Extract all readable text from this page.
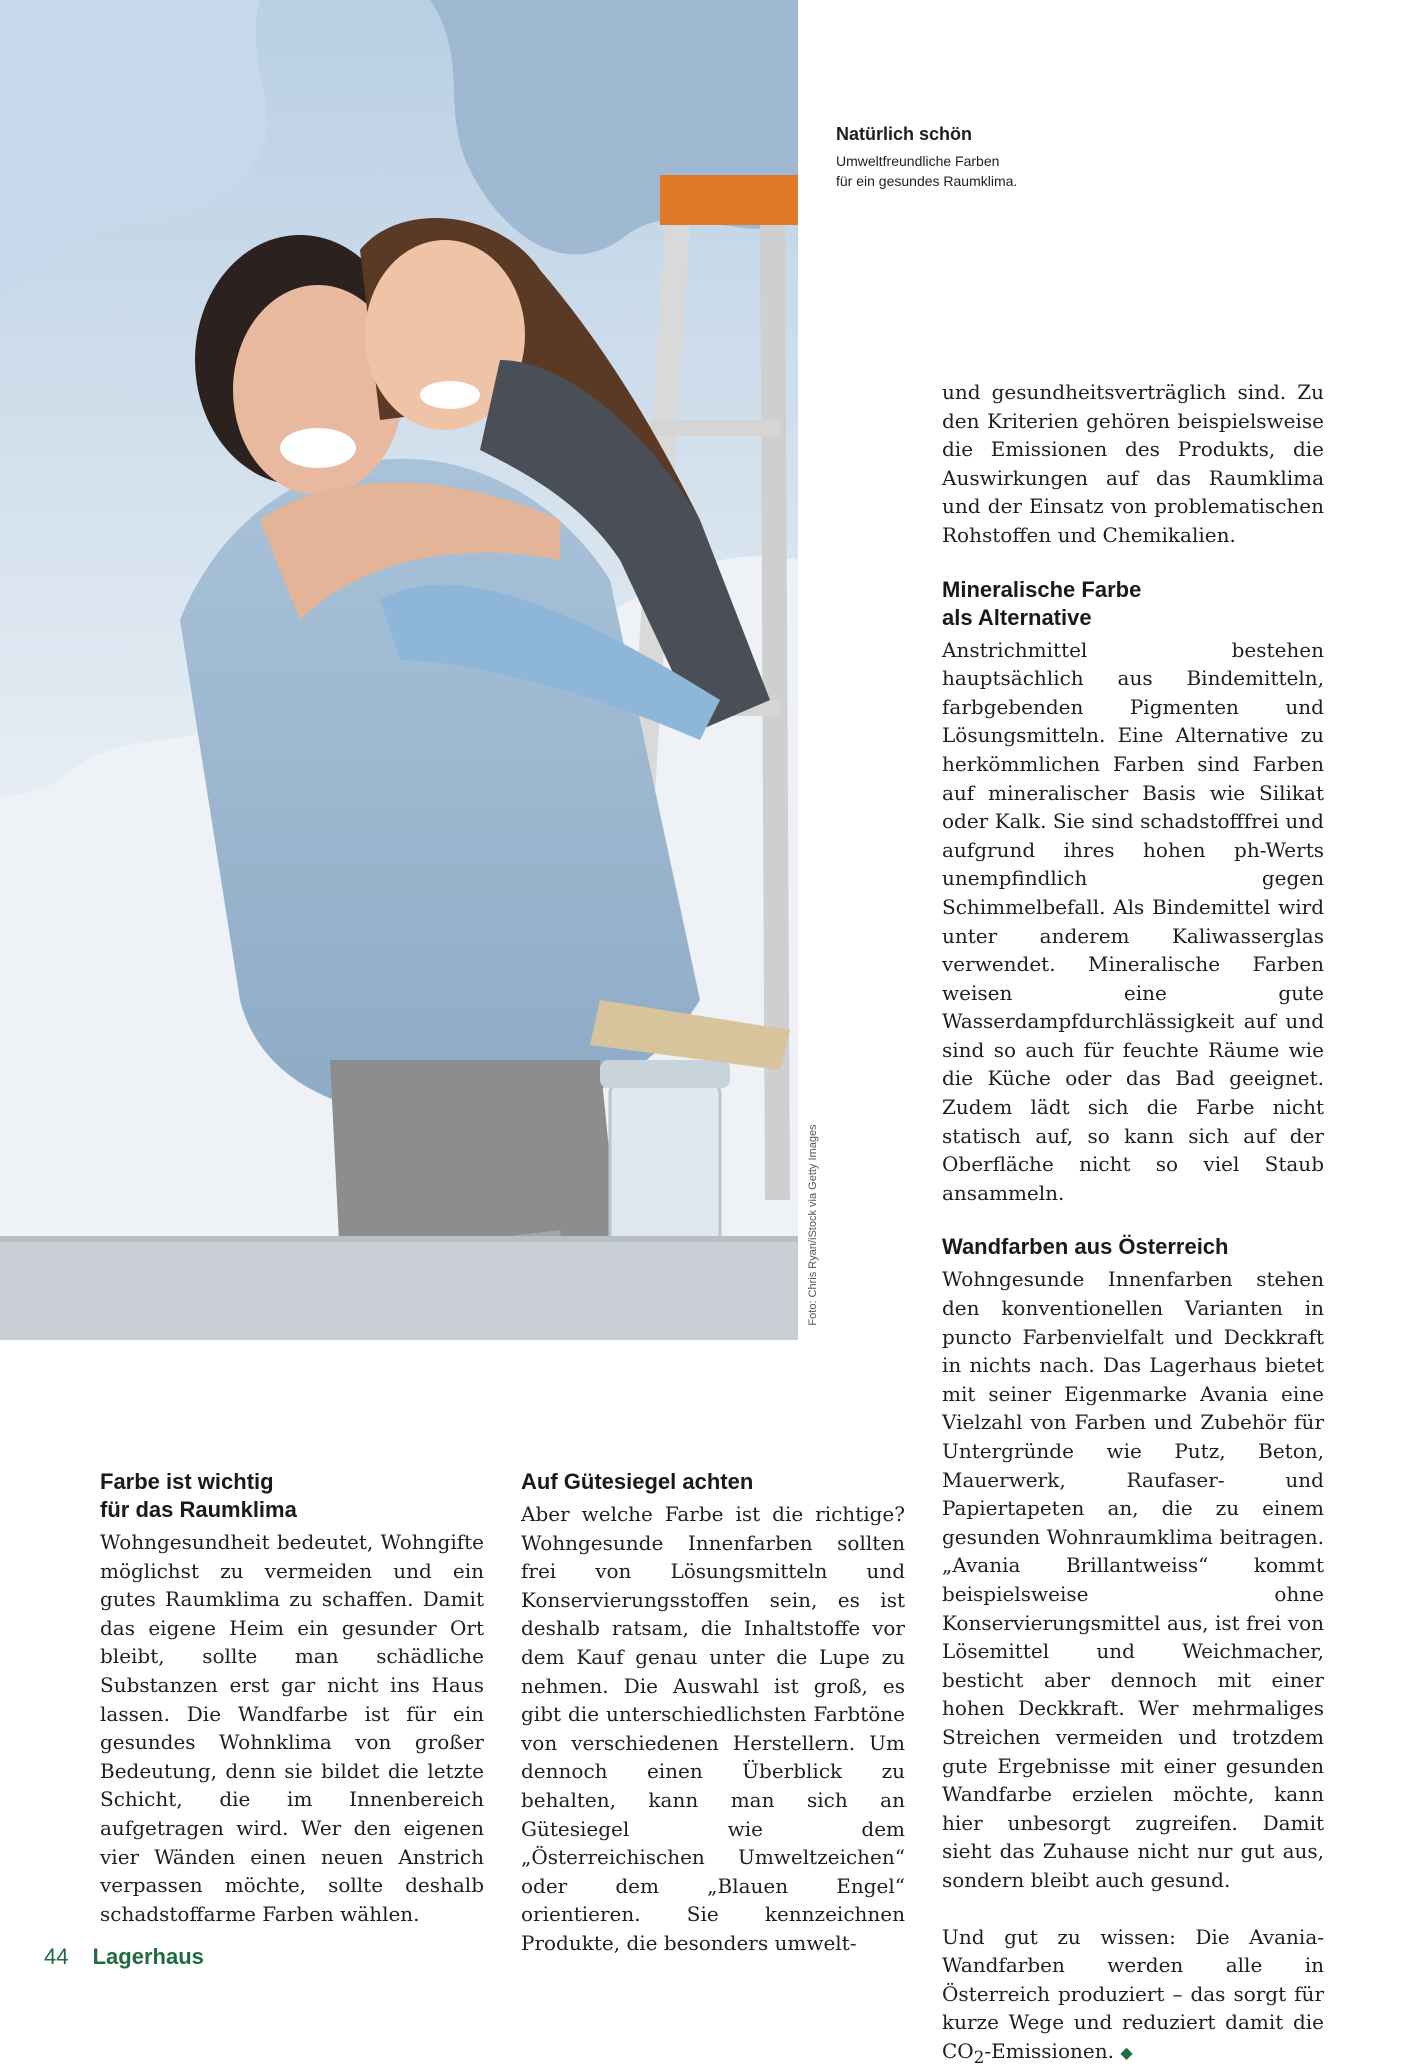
Foto: Chris Ryan/iStock via Getty Images
Natürlich schön
Umweltfreundliche Farben
für ein gesundes Raumklima.
Farbe ist wichtig
für das Raumklima

Wohngesundheit bedeutet, Wohngifte möglichst zu vermeiden und ein gutes Raumklima zu schaffen. Damit das eigene Heim ein gesunder Ort bleibt, sollte man schädliche Substanzen erst gar nicht ins Haus lassen. Die Wandfarbe ist für ein gesundes Wohnklima von großer Bedeutung, denn sie bildet die letzte Schicht, die im Innenbereich aufgetragen wird. Wer den eigenen vier Wänden einen neuen Anstrich verpassen möchte, sollte deshalb schadstoffarme Farben wählen.

Auf Gütesiegel achten

Aber welche Farbe ist die richtige? Wohngesunde Innenfarben sollten frei von Lösungsmitteln und Konservierungsstoffen sein, es ist deshalb ratsam, die Inhaltstoffe vor dem Kauf genau unter die Lupe zu nehmen. Die Auswahl ist groß, es gibt die unterschiedlichsten Farbtöne von verschiedenen Herstellern. Um dennoch einen Überblick zu behalten, kann man sich an Gütesiegel wie dem „Österreichischen Umweltzeichen“ oder dem „Blauen Engel“ orientieren. Sie kennzeichnen Produkte, die besonders umwelt-

und gesundheitsverträglich sind. Zu den Kriterien gehören beispielsweise die Emissionen des Produkts, die Auswirkungen auf das Raumklima und der Einsatz von problematischen Rohstoffen und Chemikalien.

Mineralische Farbe
als Alternative

Anstrichmittel bestehen hauptsächlich aus Bindemitteln, farbgebenden Pigmenten und Lösungsmitteln. Eine Alternative zu herkömmlichen Farben sind Farben auf mineralischer Basis wie Silikat oder Kalk. Sie sind schadstofffrei und aufgrund ihres hohen ph-Werts unempfindlich gegen Schimmelbefall. Als Bindemittel wird unter anderem Kaliwasserglas verwendet. Mineralische Farben weisen eine gute Wasserdampfdurchlässigkeit auf und sind so auch für feuchte Räume wie die Küche oder das Bad geeignet. Zudem lädt sich die Farbe nicht statisch auf, so kann sich auf der Oberfläche nicht so viel Staub ansammeln.

Wandfarben aus Österreich

Wohngesunde Innenfarben stehen den konventionellen Varianten in puncto Farbenvielfalt und Deckkraft in nichts nach. Das Lagerhaus bietet mit seiner Eigenmarke Avania eine Vielzahl von Farben und Zubehör für Untergründe wie Putz, Beton, Mauerwerk, Raufaser- und Papiertapeten an, die zu einem gesunden Wohnraumklima beitragen. „Avania Brillantweiss“ kommt beispielsweise ohne Konservierungsmittel aus, ist frei von Lösemittel und Weichmacher, besticht aber dennoch mit einer hohen Deckkraft. Wer mehrmaliges Streichen vermeiden und trotzdem gute Ergebnisse mit einer gesunden Wandfarbe erzielen möchte, kann hier unbesorgt zugreifen. Damit sieht das Zuhause nicht nur gut aus, sondern bleibt auch gesund.

Und gut zu wissen: Die Avania-Wandfarben werden alle in Österreich produziert – das sorgt für kurze Wege und reduziert damit die $CO_2$-Emissionen. ◆

44 Lagerhaus
